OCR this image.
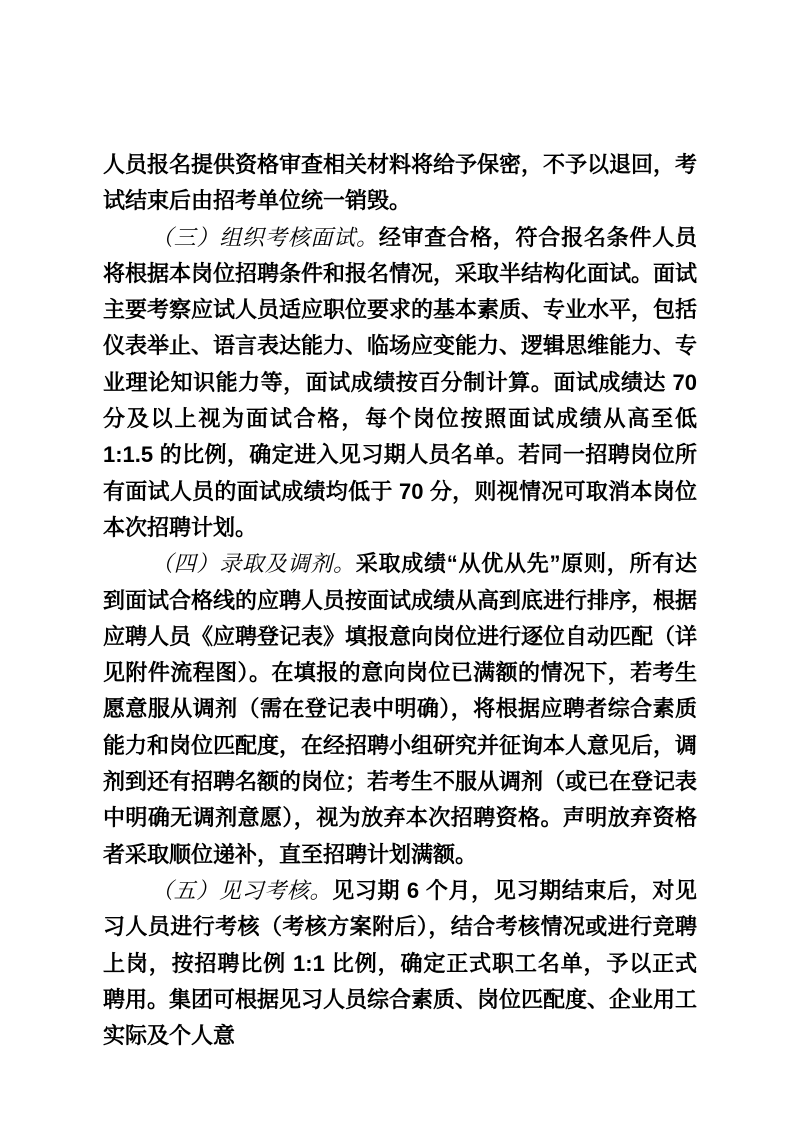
人员报名提供资格审查相关材料将给予保密，不予以退回，考试结束后由招考单位统一销毁。

（三）组织考核面试。经审查合格，符合报名条件人员将根据本岗位招聘条件和报名情况，采取半结构化面试。面试主要考察应试人员适应职位要求的基本素质、专业水平，包括仪表举止、语言表达能力、临场应变能力、逻辑思维能力、专业理论知识能力等，面试成绩按百分制计算。面试成绩达 70 分及以上视为面试合格，每个岗位按照面试成绩从高至低 1:1.5 的比例，确定进入见习期人员名单。若同一招聘岗位所有面试人员的面试成绩均低于 70 分，则视情况可取消本岗位本次招聘计划。

（四）录取及调剂。采取成绩“从优从先”原则，所有达到面试合格线的应聘人员按面试成绩从高到底进行排序，根据应聘人员《应聘登记表》填报意向岗位进行逐位自动匹配（详见附件流程图）。在填报的意向岗位已满额的情况下，若考生愿意服从调剂（需在登记表中明确），将根据应聘者综合素质能力和岗位匹配度，在经招聘小组研究并征询本人意见后，调剂到还有招聘名额的岗位；若考生不服从调剂（或已在登记表中明确无调剂意愿），视为放弃本次招聘资格。声明放弃资格者采取顺位递补，直至招聘计划满额。

（五）见习考核。见习期 6 个月，见习期结束后，对见习人员进行考核（考核方案附后），结合考核情况或进行竞聘上岗，按招聘比例 1:1 比例，确定正式职工名单，予以正式聘用。集团可根据见习人员综合素质、岗位匹配度、企业用工实际及个人意
